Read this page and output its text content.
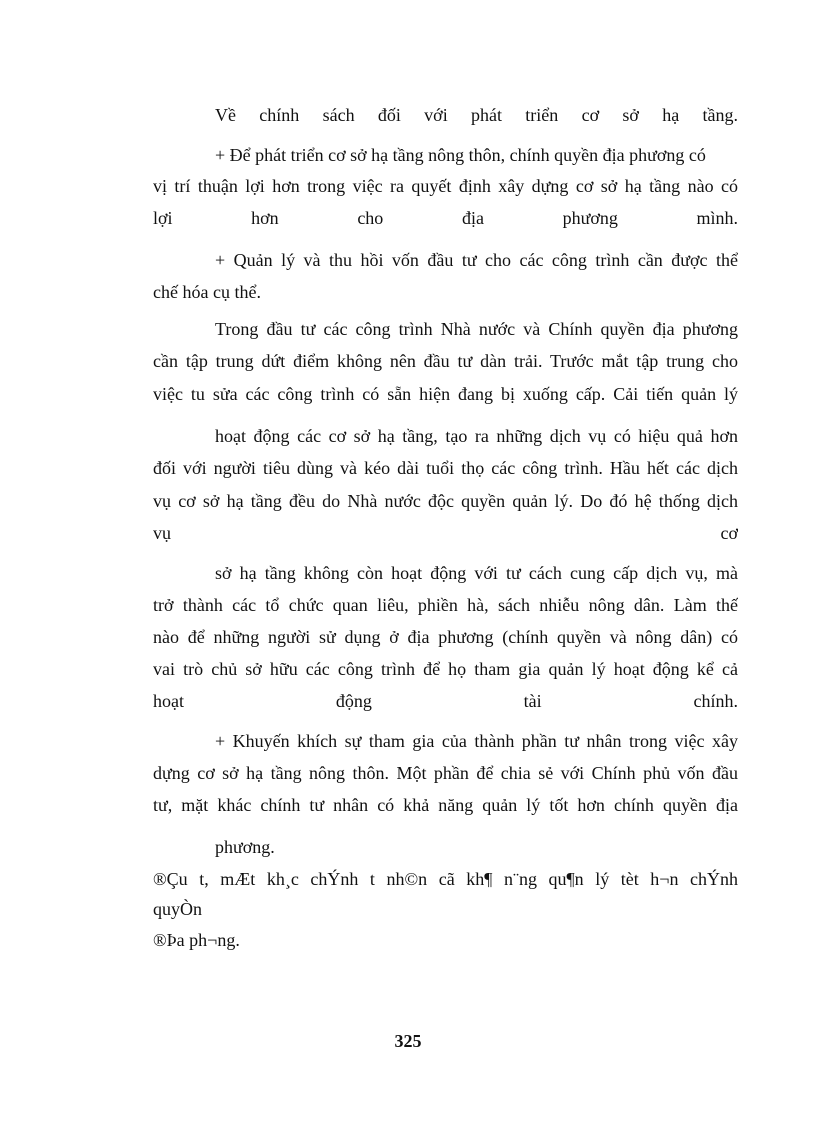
Về chính sách đối với phát triển cơ sở hạ tầng.
+ Để phát triển cơ sở hạ tầng nông thôn, chính quyền địa phương có
vị trí thuận lợi hơn trong việc ra quyết định xây dựng cơ sở hạ tầng nào có
lợi hơn cho địa phương mình.
+ Quản lý và thu hồi vốn đầu tư cho các công trình cần được thể
chế hóa cụ thể.
Trong đầu tư các công trình Nhà nước và Chính quyền địa phương
cần tập trung dứt điểm không nên đầu tư dàn trải. Trước mắt tập trung cho
việc tu sửa các công trình có sẵn hiện đang bị xuống cấp. Cải tiến quản lý
hoạt động các cơ sở hạ tầng, tạo ra những dịch vụ có hiệu quả hơn
đối với người tiêu dùng và kéo dài tuổi thọ các công trình. Hầu hết các dịch
vụ cơ sở hạ tầng đều do Nhà nước độc quyền quản lý. Do đó hệ thống dịch
vụ cơ
sở hạ tầng không còn hoạt động với tư cách cung cấp dịch vụ, mà
trở thành các tổ chức quan liêu, phiền hà, sách nhiễu nông dân. Làm thế
nào để những người sử dụng ở địa phương (chính quyền và nông dân) có
vai trò chủ sở hữu các công trình để họ tham gia quản lý hoạt động kể cả
hoạt động tài chính.
+ Khuyến khích sự tham gia của thành phần tư nhân trong việc xây
dựng cơ sở hạ tầng nông thôn. Một phần để chia sẻ với Chính phủ vốn đầu
tư, mặt khác chính tư nhân có khả năng quản lý tốt hơn chính quyền địa
phương.
®Çu t, mÆt kh¸c chÝnh t nh©n cã kh¶ n¨ng qu¶n lý tèt h¬n chÝnh
quyÒn
®Þa ph¬ng.
325
